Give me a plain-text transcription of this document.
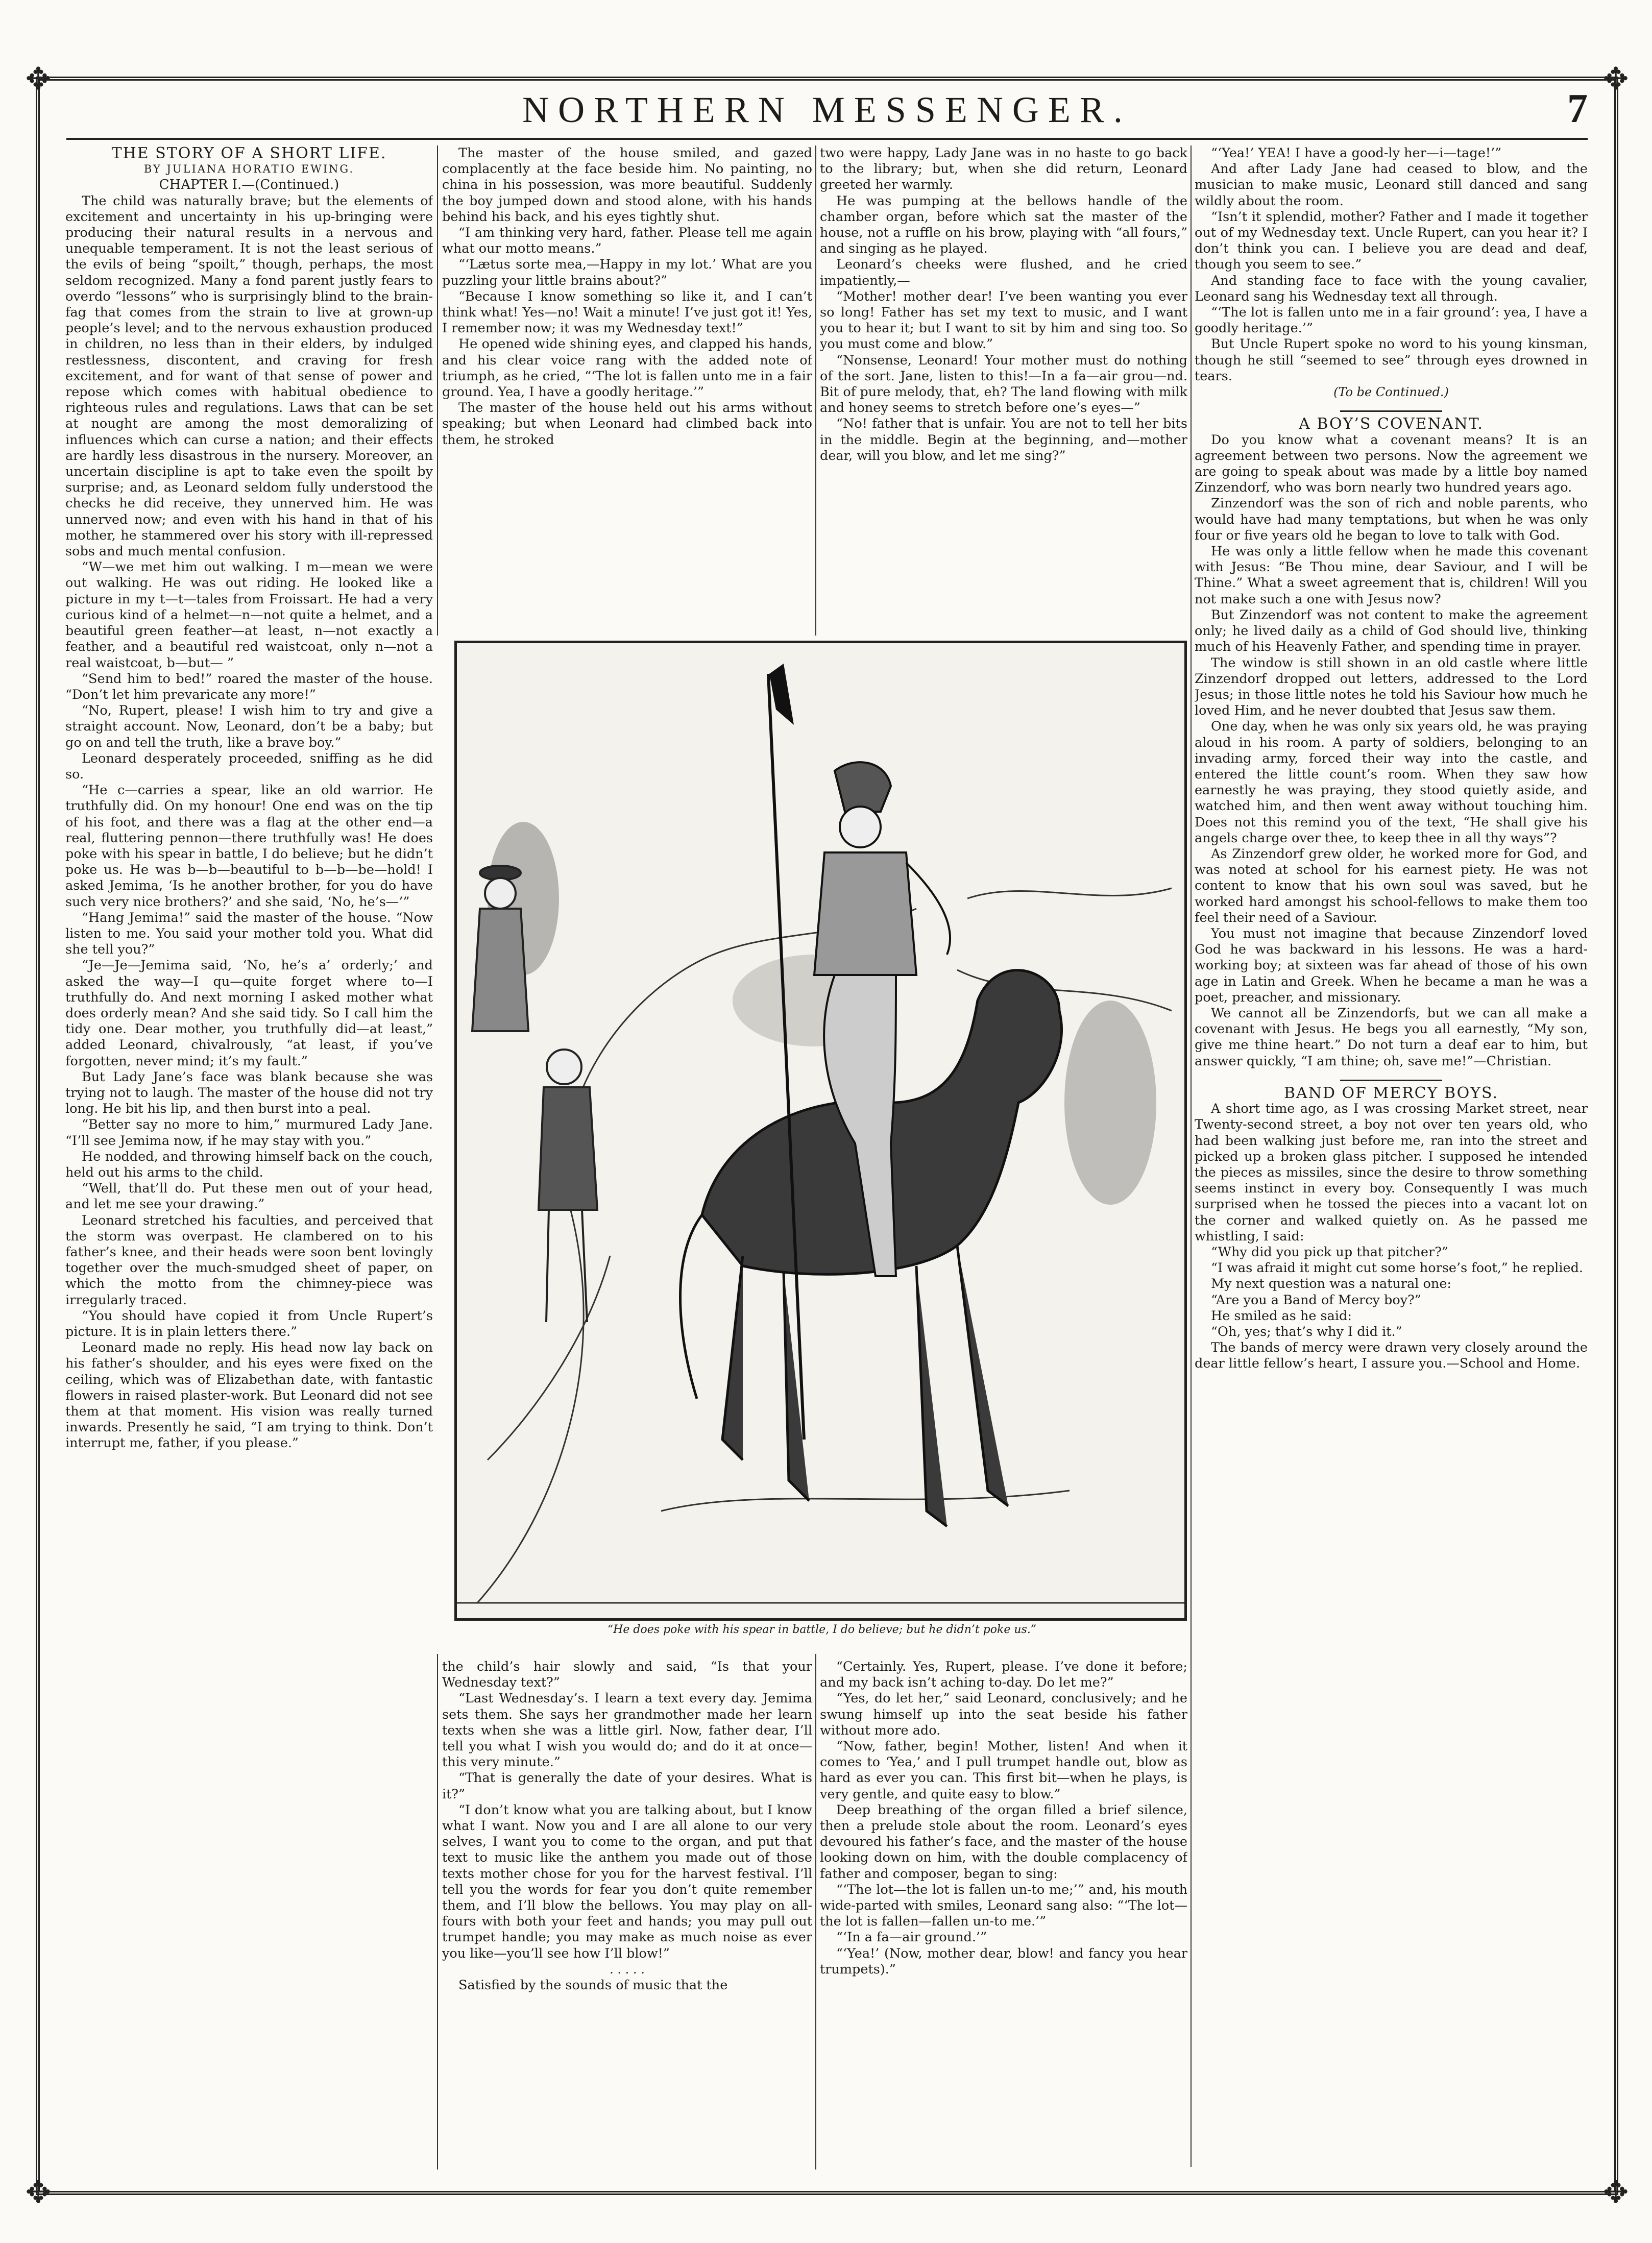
✥	✥
✥	✥
NORTHERN MESSENGER.	7

THE STORY OF A SHORT LIFE.

BY JULIANA HORATIO EWING.

CHAPTER I.—(Continued.)

The child was naturally brave; but the elements of excitement and uncertainty in his up-bringing were producing their natural results in a nervous and unequable temperament. It is not the least serious of the evils of being “spoilt,” though, perhaps, the most seldom recognized. Many a fond parent justly fears to overdo “lessons” who is surprisingly blind to the brain-fag that comes from the strain to live at grown-up people’s level; and to the nervous exhaustion produced in children, no less than in their elders, by indulged restlessness, discontent, and craving for fresh excitement, and for want of that sense of power and repose which comes with habitual obedience to righteous rules and regulations. Laws that can be set at nought are among the most demoralizing of influences which can curse a nation; and their effects are hardly less disastrous in the nursery. Moreover, an uncertain discipline is apt to take even the spoilt by surprise; and, as Leonard seldom fully understood the checks he did receive, they unnerved him. He was unnerved now; and even with his hand in that of his mother, he stammered over his story with ill-repressed sobs and much mental confusion.

“W—we met him out walking. I m—mean we were out walking. He was out riding. He looked like a picture in my t—t—tales from Froissart. He had a very curious kind of a helmet—n—not quite a helmet, and a beautiful green feather—at least, n—not exactly a feather, and a beautiful red waistcoat, only n—not a real waistcoat, b—but— ”

“Send him to bed!” roared the master of the house. “Don’t let him prevaricate any more!”

“No, Rupert, please! I wish him to try and give a straight account. Now, Leonard, don’t be a baby; but go on and tell the truth, like a brave boy.”

Leonard desperately proceeded, sniffing as he did so.

“He c—carries a spear, like an old warrior. He truthfully did. On my honour! One end was on the tip of his foot, and there was a flag at the other end—a real, fluttering pennon—there truthfully was! He does poke with his spear in battle, I do believe; but he didn’t poke us. He was b—b—beautiful to b—b—be—hold! I asked Jemima, ‘Is he another brother, for you do have such very nice brothers?’ and she said, ‘No, he’s—’”

“Hang Jemima!” said the master of the house. “Now listen to me. You said your mother told you. What did she tell you?”

“Je—Je—Jemima said, ‘No, he’s a’ orderly;’ and asked the way—I qu—quite forget where to—I truthfully do. And next morning I asked mother what does orderly mean? And she said tidy. So I call him the tidy one. Dear mother, you truthfully did—at least,” added Leonard, chivalrously, “at least, if you’ve forgotten, never mind; it’s my fault.”

But Lady Jane’s face was blank because she was trying not to laugh. The master of the house did not try long. He bit his lip, and then burst into a peal.

“Better say no more to him,” murmured Lady Jane. “I’ll see Jemima now, if he may stay with you.”

He nodded, and throwing himself back on the couch, held out his arms to the child.

“Well, that’ll do. Put these men out of your head, and let me see your drawing.”

Leonard stretched his faculties, and perceived that the storm was overpast. He clambered on to his father’s knee, and their heads were soon bent lovingly together over the much-smudged sheet of paper, on which the motto from the chimney-piece was irregularly traced.

“You should have copied it from Uncle Rupert’s picture. It is in plain letters there.”

Leonard made no reply. His head now lay back on his father’s shoulder, and his eyes were fixed on the ceiling, which was of Elizabethan date, with fantastic flowers in raised plaster-work. But Leonard did not see them at that moment. His vision was really turned inwards. Presently he said, “I am trying to think. Don’t interrupt me, father, if you please.”

The master of the house smiled, and gazed complacently at the face beside him. No painting, no china in his possession, was more beautiful. Suddenly the boy jumped down and stood alone, with his hands behind his back, and his eyes tightly shut.

“I am thinking very hard, father. Please tell me again what our motto means.”

“‘Lætus sorte mea,—Happy in my lot.’ What are you puzzling your little brains about?”

“Because I know something so like it, and I can’t think what! Yes—no! Wait a minute! I’ve just got it! Yes, I remember now; it was my Wednesday text!”

He opened wide shining eyes, and clapped his hands, and his clear voice rang with the added note of triumph, as he cried, “‘The lot is fallen unto me in a fair ground. Yea, I have a goodly heritage.’”

The master of the house held out his arms without speaking; but when Leonard had climbed back into them, he stroked

two were happy, Lady Jane was in no haste to go back to the library; but, when she did return, Leonard greeted her warmly.

He was pumping at the bellows handle of the chamber organ, before which sat the master of the house, not a ruffle on his brow, playing with “all fours,” and singing as he played.

Leonard’s cheeks were flushed, and he cried impatiently,—

“Mother! mother dear! I’ve been wanting you ever so long! Father has set my text to music, and I want you to hear it; but I want to sit by him and sing too. So you must come and blow.”

“Nonsense, Leonard! Your mother must do nothing of the sort. Jane, listen to this!—In a fa—air grou—nd. Bit of pure melody, that, eh? The land flowing with milk and honey seems to stretch before one’s eyes—”

“No! father that is unfair. You are not to tell her bits in the middle. Begin at the beginning, and—mother dear, will you blow, and let me sing?”

“He does poke with his spear in battle, I do believe; but he didn’t poke us.”

the child’s hair slowly and said, “Is that your Wednesday text?”

“Last Wednesday’s. I learn a text every day. Jemima sets them. She says her grandmother made her learn texts when she was a little girl. Now, father dear, I’ll tell you what I wish you would do; and do it at once—this very minute.”

“That is generally the date of your desires. What is it?”

“I don’t know what you are talking about, but I know what I want. Now you and I are all alone to our very selves, I want you to come to the organ, and put that text to music like the anthem you made out of those texts mother chose for you for the harvest festival. I’ll tell you the words for fear you don’t quite remember them, and I’ll blow the bellows. You may play on all-fours with both your feet and hands; you may pull out trumpet handle; you may make as much noise as ever you like—you’ll see how I’ll blow!”

. . . . .

Satisfied by the sounds of music that the

“Certainly. Yes, Rupert, please. I’ve done it before; and my back isn’t aching to-day. Do let me?”

“Yes, do let her,” said Leonard, conclusively; and he swung himself up into the seat beside his father without more ado.

“Now, father, begin! Mother, listen! And when it comes to ‘Yea,’ and I pull trumpet handle out, blow as hard as ever you can. This first bit—when he plays, is very gentle, and quite easy to blow.”

Deep breathing of the organ filled a brief silence, then a prelude stole about the room. Leonard’s eyes devoured his father’s face, and the master of the house looking down on him, with the double complacency of father and composer, began to sing:

“‘The lot—the lot is fallen un-to me;’” and, his mouth wide-parted with smiles, Leonard sang also: “‘The lot—the lot is fallen—fallen un-to me.’”

“‘In a fa—air ground.’”

“‘Yea!’ (Now, mother dear, blow! and fancy you hear trumpets).”

“‘Yea!’ YEA! I have a good-ly her—i—tage!’”

And after Lady Jane had ceased to blow, and the musician to make music, Leonard still danced and sang wildly about the room.

“Isn’t it splendid, mother? Father and I made it together out of my Wednesday text. Uncle Rupert, can you hear it? I don’t think you can. I believe you are dead and deaf, though you seem to see.”

And standing face to face with the young cavalier, Leonard sang his Wednesday text all through.

“‘The lot is fallen unto me in a fair ground’: yea, I have a goodly heritage.’”

But Uncle Rupert spoke no word to his young kinsman, though he still “seemed to see” through eyes drowned in tears.

(To be Continued.)

A BOY’S COVENANT.

Do you know what a covenant means? It is an agreement between two persons. Now the agreement we are going to speak about was made by a little boy named Zinzendorf, who was born nearly two hundred years ago.

Zinzendorf was the son of rich and noble parents, who would have had many temptations, but when he was only four or five years old he began to love to talk with God.

He was only a little fellow when he made this covenant with Jesus: “Be Thou mine, dear Saviour, and I will be Thine.” What a sweet agreement that is, children! Will you not make such a one with Jesus now?

But Zinzendorf was not content to make the agreement only; he lived daily as a child of God should live, thinking much of his Heavenly Father, and spending time in prayer.

The window is still shown in an old castle where little Zinzendorf dropped out letters, addressed to the Lord Jesus; in those little notes he told his Saviour how much he loved Him, and he never doubted that Jesus saw them.

One day, when he was only six years old, he was praying aloud in his room. A party of soldiers, belonging to an invading army, forced their way into the castle, and entered the little count’s room. When they saw how earnestly he was praying, they stood quietly aside, and watched him, and then went away without touching him. Does not this remind you of the text, “He shall give his angels charge over thee, to keep thee in all thy ways”?

As Zinzendorf grew older, he worked more for God, and was noted at school for his earnest piety. He was not content to know that his own soul was saved, but he worked hard amongst his school-fellows to make them too feel their need of a Saviour.

You must not imagine that because Zinzendorf loved God he was backward in his lessons. He was a hard-working boy; at sixteen was far ahead of those of his own age in Latin and Greek. When he became a man he was a poet, preacher, and missionary.

We cannot all be Zinzendorfs, but we can all make a covenant with Jesus. He begs you all earnestly, “My son, give me thine heart.” Do not turn a deaf ear to him, but answer quickly, “I am thine; oh, save me!”—Christian.

BAND OF MERCY BOYS.

A short time ago, as I was crossing Market street, near Twenty-second street, a boy not over ten years old, who had been walking just before me, ran into the street and picked up a broken glass pitcher. I supposed he intended the pieces as missiles, since the desire to throw something seems instinct in every boy. Consequently I was much surprised when he tossed the pieces into a vacant lot on the corner and walked quietly on. As he passed me whistling, I said:

“Why did you pick up that pitcher?”

“I was afraid it might cut some horse’s foot,” he replied.

My next question was a natural one:

“Are you a Band of Mercy boy?”

He smiled as he said:

“Oh, yes; that’s why I did it.”

The bands of mercy were drawn very closely around the dear little fellow’s heart, I assure you.—School and Home.
